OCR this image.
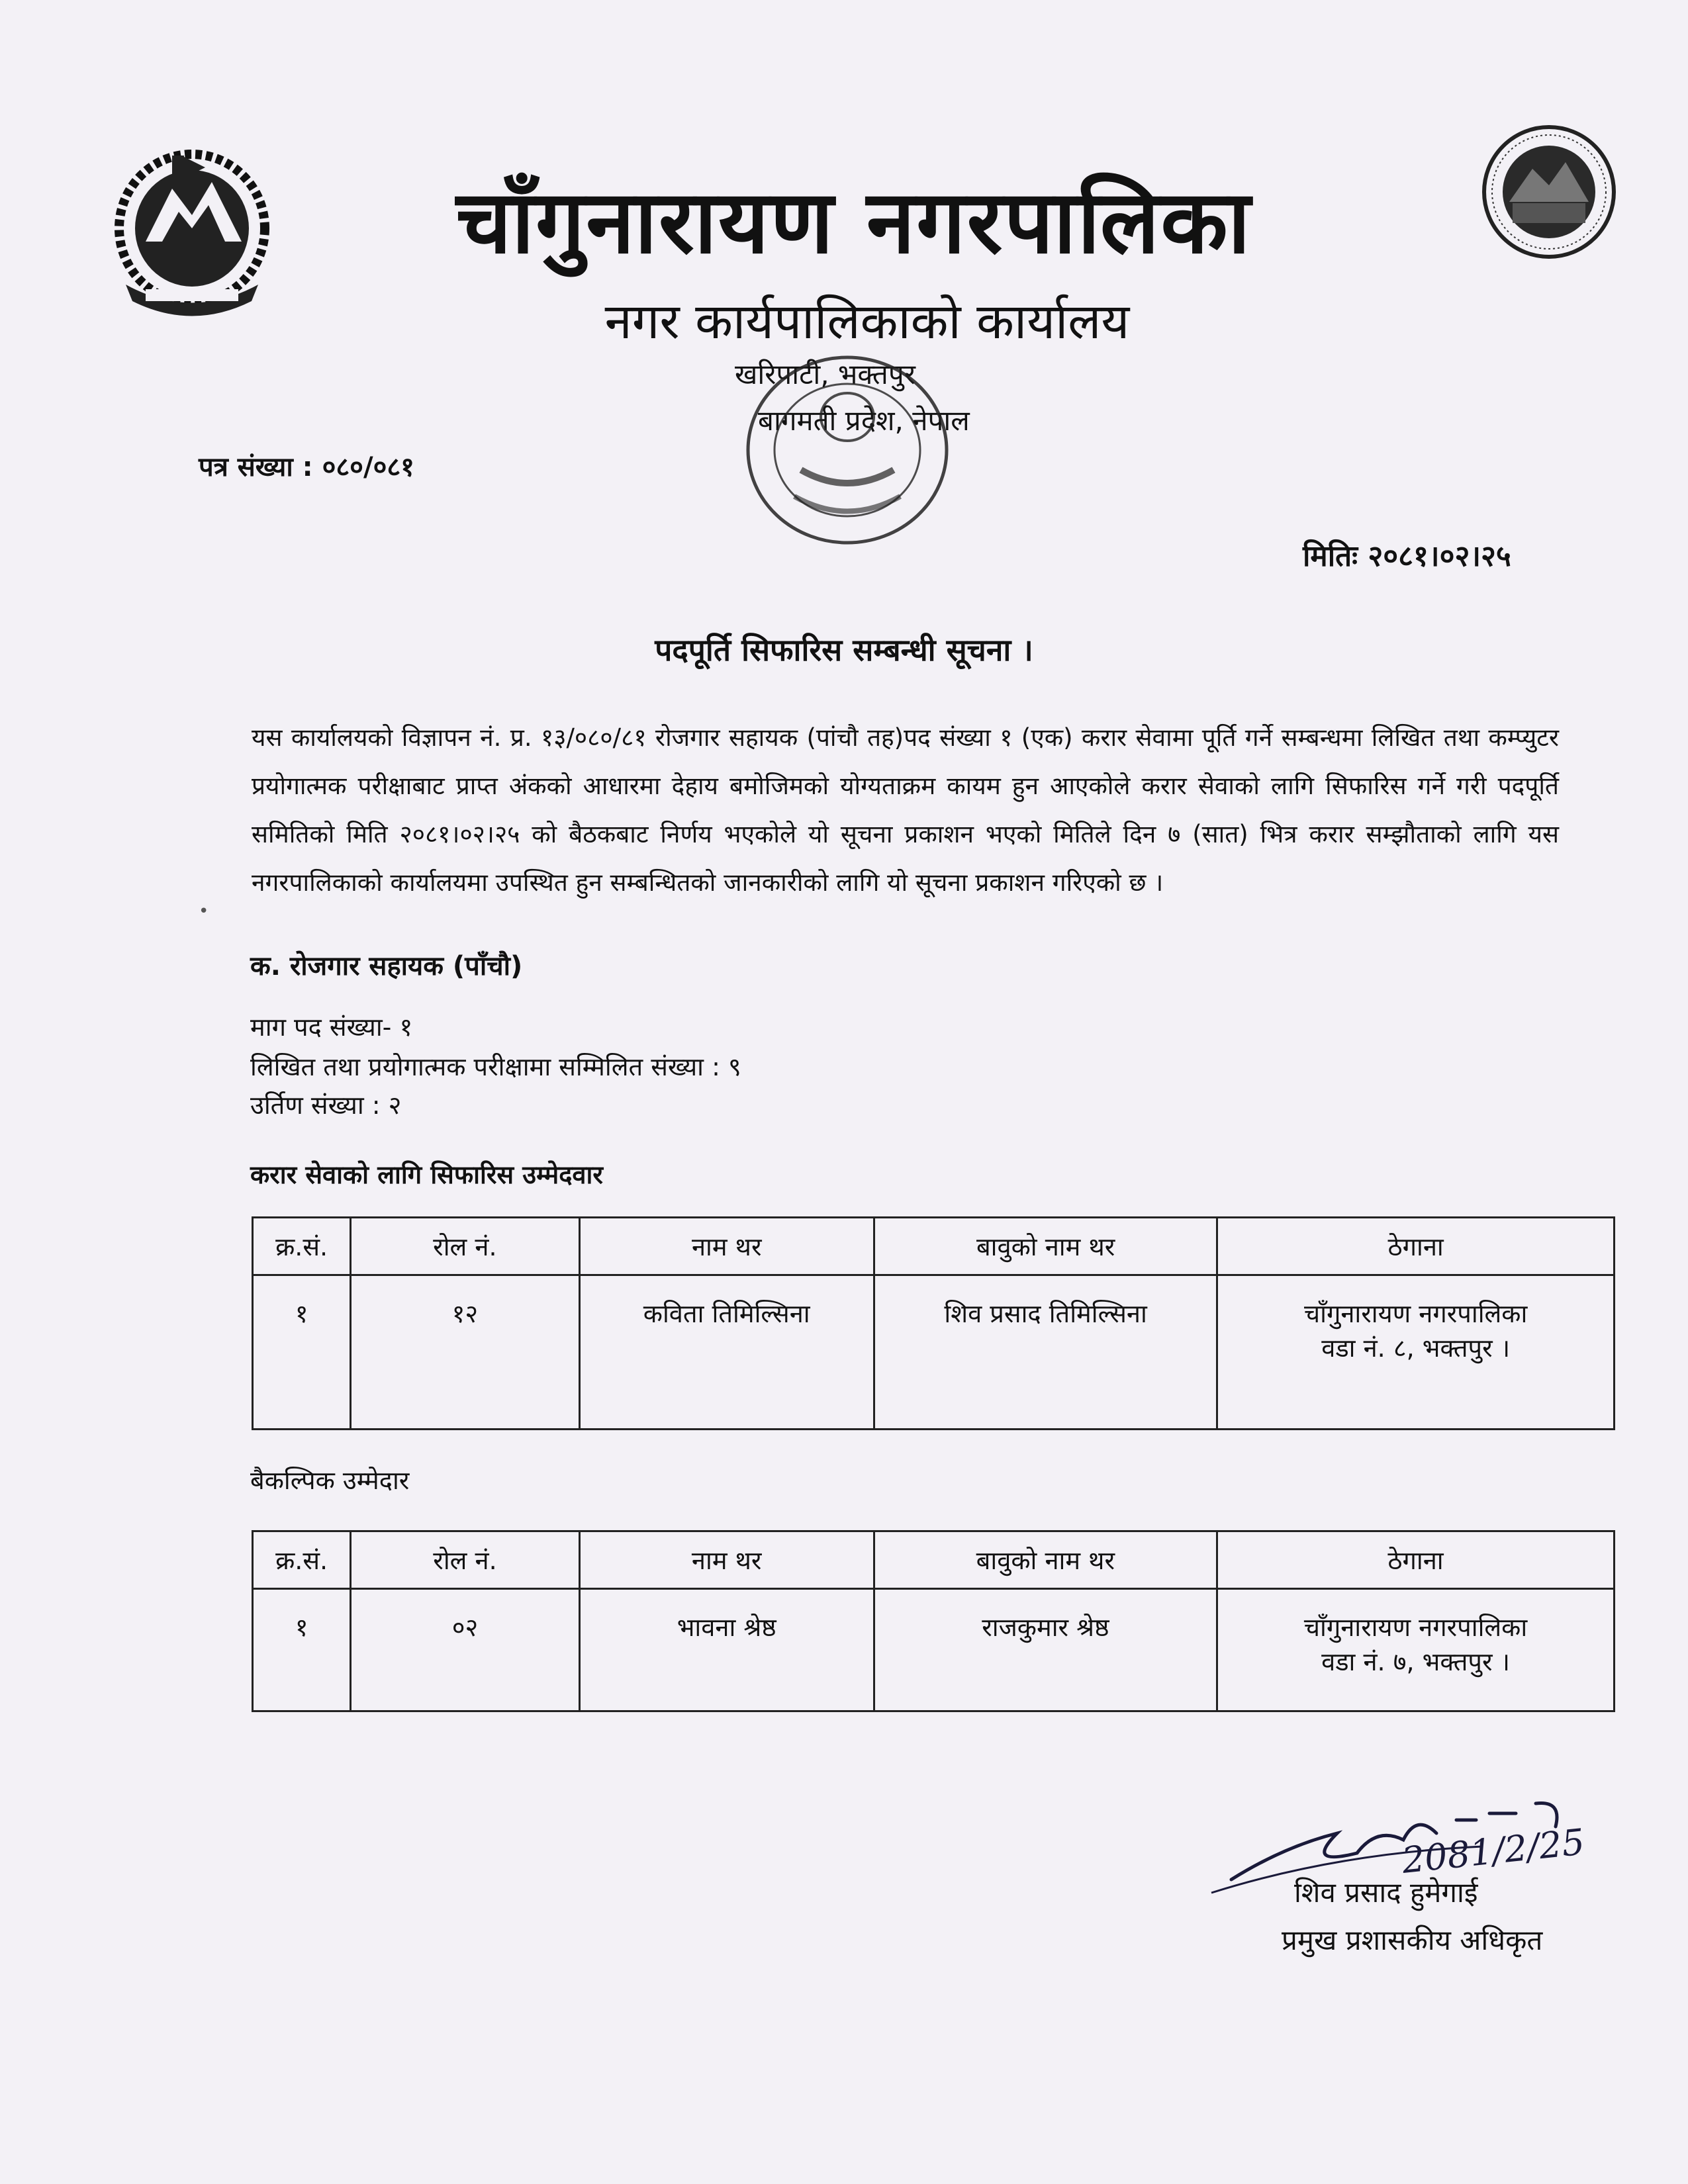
चाँगुनारायण नगरपालिका
नगर कार्यपालिकाको कार्यालय
खरिपाटी, भक्तपुर
बागमती प्रदेश, नेपाल
पत्र संख्या : ०८०/०८१
मितिः २०८१।०२।२५
पदपूर्ति सिफारिस सम्बन्धी सूचना ।
यस कार्यालयको विज्ञापन नं. प्र. १३/०८०/८१ रोजगार सहायक (पांचौ तह)पद संख्या १ (एक) करार सेवामा पूर्ति गर्ने सम्बन्धमा लिखित तथा कम्प्युटर प्रयोगात्मक परीक्षाबाट प्राप्त अंकको आधारमा देहाय बमोजिमको योग्यताक्रम कायम हुन आएकोले करार सेवाको लागि सिफारिस गर्ने गरी पदपूर्ति समितिको मिति २०८१।०२।२५ को बैठकबाट निर्णय भएकोले यो सूचना प्रकाशन भएको मितिले दिन ७ (सात) भित्र करार सम्झौताको लागि यस नगरपालिकाको कार्यालयमा उपस्थित हुन सम्बन्धितको जानकारीको लागि यो सूचना प्रकाशन गरिएको छ ।
•
क. रोजगार सहायक (पाँचौ)
माग पद संख्या- १
लिखित तथा प्रयोगात्मक परीक्षामा सम्मिलित संख्या : ९
उर्तिण संख्या : २
करार सेवाको लागि सिफारिस उम्मेदवार
क्र.सं.	रोल नं.	नाम थर	बावुको नाम थर	ठेगाना
१	१२	कविता तिमिल्सिना	शिव प्रसाद तिमिल्सिना	चाँगुनारायण नगरपालिका
वडा नं. ८, भक्तपुर ।
बैकल्पिक उम्मेदार
क्र.सं.	रोल नं.	नाम थर	बावुको नाम थर	ठेगाना
१	०२	भावना श्रेष्ठ	राजकुमार श्रेष्ठ	चाँगुनारायण नगरपालिका
वडा नं. ७, भक्तपुर ।
2081/2/25
शिव प्रसाद हुमेगाई
प्रमुख प्रशासकीय अधिकृत
